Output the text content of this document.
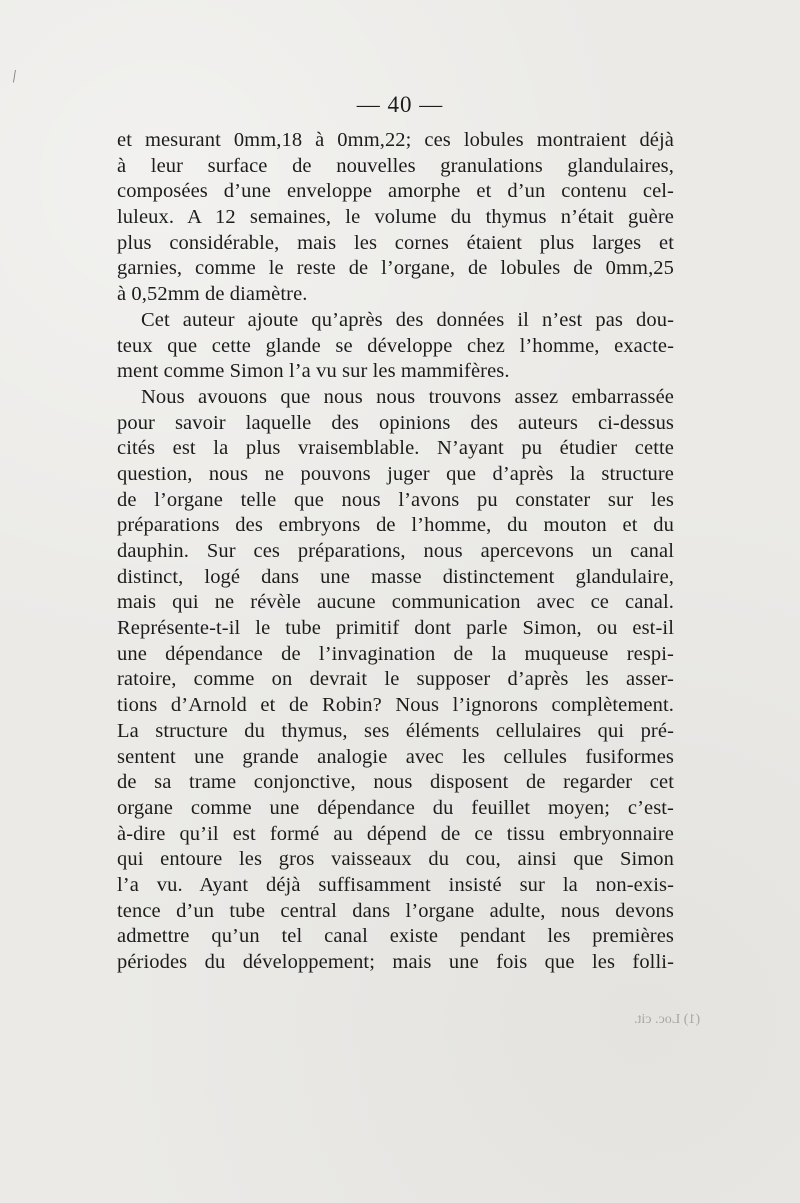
/
— 40 —
et mesurant 0mm,18 à 0mm,22; ces lobules montraient déjà
à leur surface de nouvelles granulations glandulaires,
composées d’une enveloppe amorphe et d’un contenu cel-
luleux. A 12 semaines, le volume du thymus n’était guère
plus considérable, mais les cornes étaient plus larges et
garnies, comme le reste de l’organe, de lobules de 0mm,25
à 0,52mm de diamètre.
Cet auteur ajoute qu’après des données il n’est pas dou-
teux que cette glande se développe chez l’homme, exacte-
ment comme Simon l’a vu sur les mammifères.
Nous avouons que nous nous trouvons assez embarrassée
pour savoir laquelle des opinions des auteurs ci-dessus
cités est la plus vraisemblable. N’ayant pu étudier cette
question, nous ne pouvons juger que d’après la structure
de l’organe telle que nous l’avons pu constater sur les
préparations des embryons de l’homme, du mouton et du
dauphin. Sur ces préparations, nous apercevons un canal
distinct, logé dans une masse distinctement glandulaire,
mais qui ne révèle aucune communication avec ce canal.
Représente-t-il le tube primitif dont parle Simon, ou est-il
une dépendance de l’invagination de la muqueuse respi-
ratoire, comme on devrait le supposer d’après les asser-
tions d’Arnold et de Robin? Nous l’ignorons complètement.
La structure du thymus, ses éléments cellulaires qui pré-
sentent une grande analogie avec les cellules fusiformes
de sa trame conjonctive, nous disposent de regarder cet
organe comme une dépendance du feuillet moyen; c’est-
à-dire qu’il est formé au dépend de ce tissu embryonnaire
qui entoure les gros vaisseaux du cou, ainsi que Simon
l’a vu. Ayant déjà suffisamment insisté sur la non-exis-
tence d’un tube central dans l’organe adulte, nous devons
admettre qu’un tel canal existe pendant les premières
périodes du développement; mais une fois que les folli-
(1) Loc. cit.
